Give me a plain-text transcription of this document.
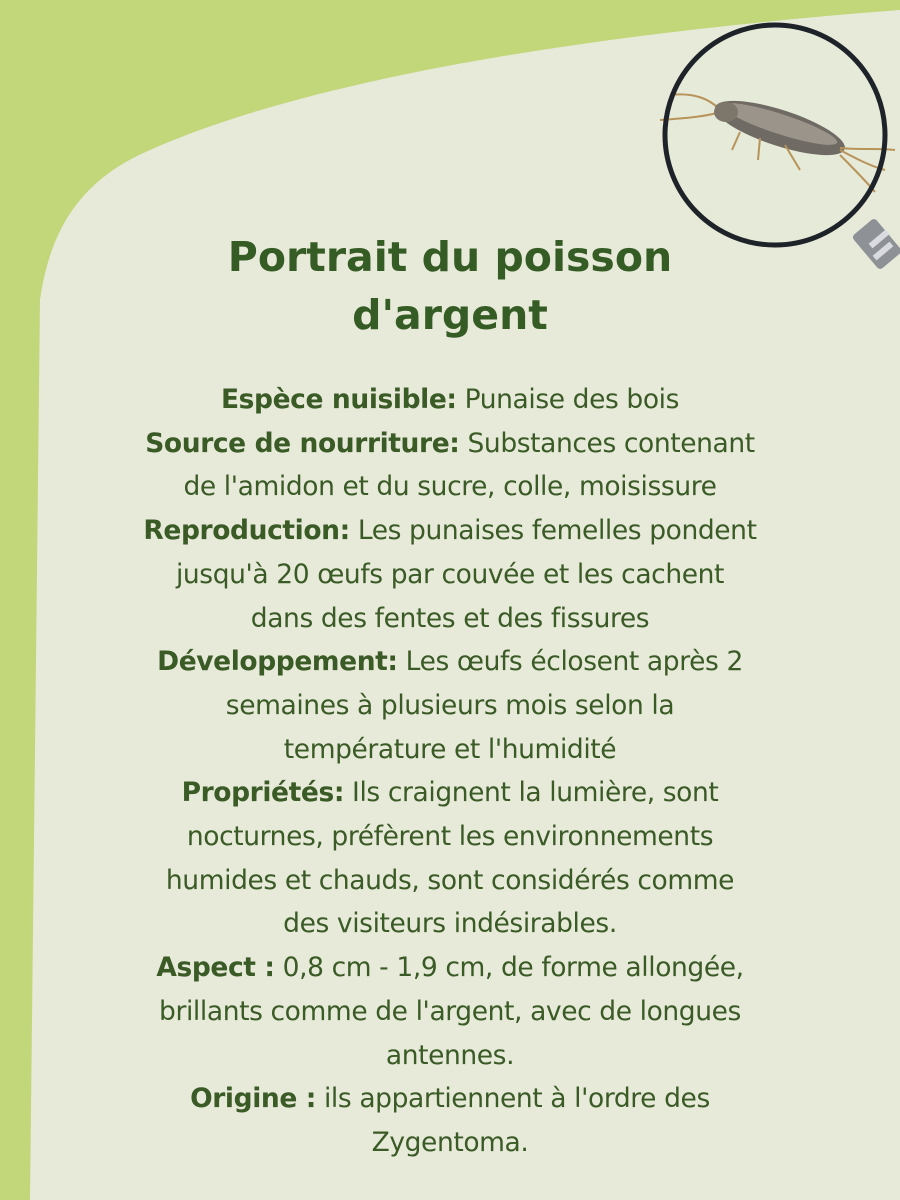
Portrait du poisson
d'argent
Espèce nuisible: Punaise des bois
Source de nourriture: Substances contenant
de l'amidon et du sucre, colle, moisissure
Reproduction: Les punaises femelles pondent
jusqu'à 20 œufs par couvée et les cachent
dans des fentes et des fissures
Développement: Les œufs éclosent après 2
semaines à plusieurs mois selon la
température et l'humidité
Propriétés: Ils craignent la lumière, sont
nocturnes, préfèrent les environnements
humides et chauds, sont considérés comme
des visiteurs indésirables.
Aspect : 0,8 cm - 1,9 cm, de forme allongée,
brillants comme de l'argent, avec de longues
antennes.
Origine : ils appartiennent à l'ordre des
Zygentoma.
